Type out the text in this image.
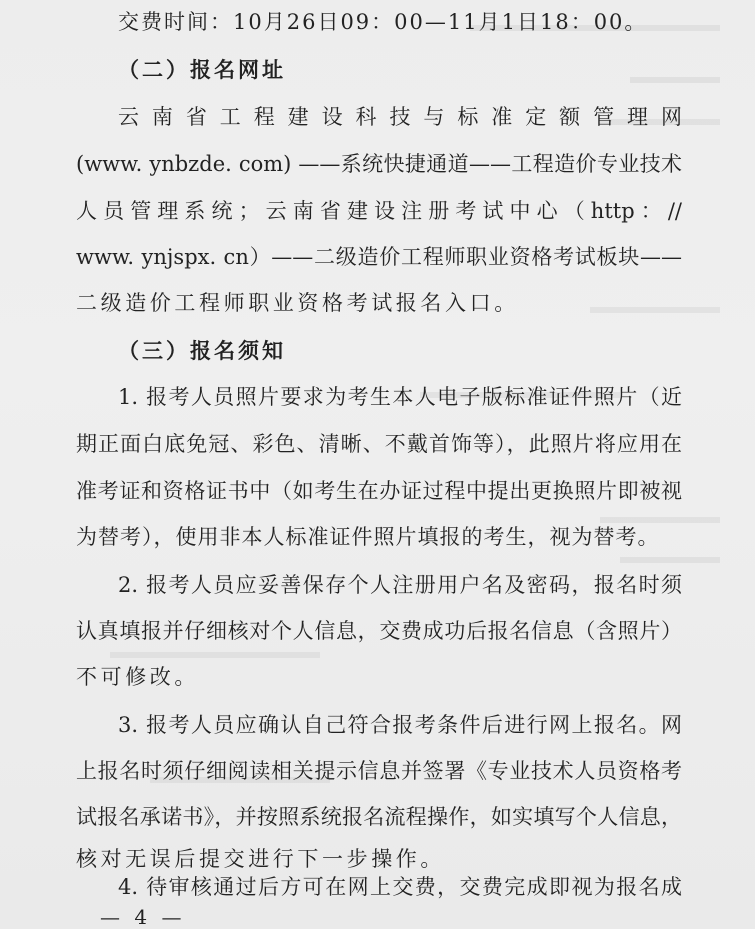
交费时间：10月26日09：00—11月1日18：00。
（二）报名网址
云南省工程建设科技与标准定额管理网
(www. ynbzde. com) ——系统快捷通道——工程造价专业技术
人员管理系统；云南省建设注册考试中心（http：//
www. ynjspx. cn）——二级造价工程师职业资格考试板块——
二级造价工程师职业资格考试报名入口。
（三）报名须知
1. 报考人员照片要求为考生本人电子版标准证件照片（近
期正面白底免冠、彩色、清晰、不戴首饰等），此照片将应用在
准考证和资格证书中（如考生在办证过程中提出更换照片即被视
为替考），使用非本人标准证件照片填报的考生，视为替考。
2. 报考人员应妥善保存个人注册用户名及密码，报名时须
认真填报并仔细核对个人信息，交费成功后报名信息（含照片）
不可修改。
3. 报考人员应确认自己符合报考条件后进行网上报名。网
上报名时须仔细阅读相关提示信息并签署《专业技术人员资格考
试报名承诺书》，并按照系统报名流程操作，如实填写个人信息，
4. 待审核通过后方可在网上交费，交费完成即视为报名成
— 4 —
核对无误后提交进行下一步操作。
